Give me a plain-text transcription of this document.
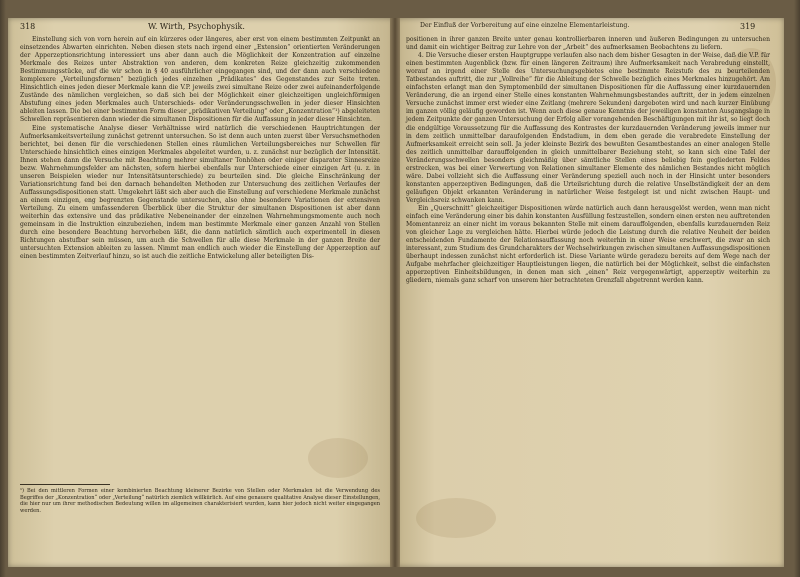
318	W. Wirth, Psychophysik.

Einstellung sich von vorn herein auf ein kürzeres oder längeres, aber erst von einem bestimmten Zeitpunkt an einsetzendes Abwarten einrichten. Neben diesen stets nach irgend einer „Extension“ orientierten Veränderungen der Apperzeptionsrichtung interessiert uns aber dann auch die Möglichkeit der Konzentration auf einzelne Merkmale des Reizes unter Abstraktion von anderen, dem konkreten Reize gleichzeitig zukommenden Bestimmungsstücke, auf die wir schon in § 40 ausführlicher eingegangen sind, und der dann auch verschiedene komplexere „Verteilungsformen“ bezüglich jedes einzelnen „Prädikates“ des Gegenstandes zur Seite treten. Hinsichtlich eines jeden dieser Merkmale kann die V.P. jeweils zwei simultane Reize oder zwei aufeinanderfolgende Zustände des nämlichen vergleichen, so daß sich bei der Möglichkeit einer gleichzeitigen ungleichförmigen Abstufung eines jeden Merkmales auch Unterschieds- oder Veränderungsschwellen in jeder dieser Hinsichten ableiten lassen. Die bei einer bestimmten Form dieser „prädikativen Verteilung“ oder „Konzentration“¹) abgeleiteten Schwellen repräsentieren dann wieder die simultanen Dispositionen für die Auffassung in jeder dieser Hinsichten.

Eine systematische Analyse dieser Verhältnisse wird natürlich die verschiedenen Hauptrichtungen der Aufmerksamkeitsverteilung zunächst getrennt untersuchen. So ist denn auch unten zuerst über Versuchsmethoden berichtet, bei denen für die verschiedenen Stellen eines räumlichen Verteilungsbereiches nur Schwellen für Unterschiede hinsichtlich eines einzigen Merkmales abgeleitet wurden, u. z. zunächst nur bezüglich der Intensität. Ihnen stehen dann die Versuche mit Beachtung mehrer simultaner Tonhöhen oder einiger disparater Sinnesreize bezw. Wahrnehmungsfelder am nächsten, sofern hierbei ebenfalls nur Unterschiede einer einzigen Art (u. z. in unseren Beispielen wieder nur Intensitätsunterschiede) zu beurteilen sind. Die gleiche Einschränkung der Variationsrichtung fand bei den darnach behandelten Methoden zur Untersuchung des zeitlichen Verlaufes der Auffassungsdispositionen statt. Umgekehrt läßt sich aber auch die Einstellung auf verschiedene Merkmale zunächst an einem einzigen, eng begrenzten Gegenstande untersuchen, also ohne besondere Variationen der extensiven Verteilung. Zu einem umfassenderen Überblick über die Struktur der simultanen Dispositionen ist aber dann weiterhin das extensive und das prädikative Nebeneinander der einzelnen Wahrnehmungsmomente auch noch gemeinsam in die Instruktion einzubeziehen, indem man bestimmte Merkmale einer ganzen Anzahl von Stellen durch eine besondere Beachtung hervorheben läßt, die dann natürlich sämtlich auch experimentell in diesen Richtungen abstufbar sein müssen, um auch die Schwellen für alle diese Merkmale in der ganzen Breite der untersuchten Extension ableiten zu lassen. Nimmt man endlich auch wieder die Einstellung der Apperzeption auf einen bestimmten Zeitverlauf hinzu, so ist auch die zeitliche Entwickelung aller beteiligten Dis-

¹) Bei den mittleren Formen einer kombinierten Beachtung kleinerer Bezirke von Stellen oder Merkmalen ist die Verwendung des Begriffes der „Konzentration“ oder „Verteilung“ natürlich ziemlich willkürlich. Auf eine genauere qualitative Analyse dieser Einstellungen, die hier nur um ihrer methodischen Bedeutung willen im allgemeinen charakterisiert wurden, kann hier jedoch nicht weiter eingegangen werden.
Der Einfluß der Vorbereitung auf eine einzelne Elementarleistung.	319

positionen in ihrer ganzen Breite unter genau kontrollierbaren inneren und äußeren Bedingungen zu untersuchen und damit ein wichtiger Beitrag zur Lehre von der „Arbeit“ des aufmerksamen Beobachtens zu liefern.

4. Die Versuche dieser ersten Hauptgruppe verlaufen also nach dem bisher Gesagten in der Weise, daß die V.P. für einen bestimmten Augenblick (bzw. für einen längeren Zeitraum) ihre Aufmerksamkeit nach Verabredung einstellt, worauf an irgend einer Stelle des Untersuchungsgebietes eine bestimmte Reizstufe des zu beurteilenden Tatbestandes auftritt, die zur „Vollreihe“ für die Ableitung der Schwelle bezüglich eines Merkmales hinzugehört. Am einfachsten erlangt man den Symptomenbild der simultanen Dispositionen für die Auffassung einer kurzdauernden Veränderung, die an irgend einer Stelle eines konstanten Wahrnehmungsbestandes auftritt, der in jedem einzelnen Versuche zunächst immer erst wieder eine Zeitlang (mehrere Sekunden) dargeboten wird und nach kurzer Einübung im ganzen völlig geläufig geworden ist. Wenn auch diese genaue Kenntnis der jeweiligen konstanten Ausgangslage in jedem Zeitpunkte der ganzen Untersuchung der Erfolg aller vorangehenden Beschäftigungen mit ihr ist, so liegt doch die endgültige Voraussetzung für die Auffassung des Kontrastes der kurzdauernden Veränderung jeweils immer nur in dem zeitlich unmittelbar daraufolgenden Endstadium, in dem eben gerade die verabredete Einstellung der Aufmerksamkeit erreicht sein soll. Ja jeder kleinste Bezirk des bewußten Gesamtbestandes an einer analogen Stelle des zeitlich unmittelbar darauffolgenden in gleich unmittelbarer Beziehung steht, so kann sich eine Tafel der Veränderungsschwellen besonders gleichmäßig über sämtliche Stellen eines beliebig fein gegliederten Feldes erstrecken, was bei einer Verwertung von Relationen simultaner Elemente des nämlichen Bestandes nicht möglich wäre. Dabei vollzieht sich die Auffassung einer Veränderung speziell auch noch in der Hinsicht unter besonders konstanten apperzeptiven Bedingungen, daß die Urteilsrichtung durch die relative Unselbständigkeit der an dem geläufigen Objekt erkannten Veränderung in natürlicher Weise festgelegt ist und nicht zwischen Haupt- und Vergleichsreiz schwanken kann.

Ein „Querschnitt“ gleichzeitiger Dispositionen würde natürlich auch dann herausgelöst werden, wenn man nicht einfach eine Veränderung einer bis dahin konstanten Ausfüllung festzustellen, sondern einen ersten neu auftretenden Momentanreiz an einer nicht im voraus bekannten Stelle mit einem darauffolgenden, ebenfalls kurzdauernden Reiz von gleicher Lage zu vergleichen hätte. Hierbei würde jedoch die Leistung durch die relative Neuheit der beiden entscheidenden Fundamente der Relationsauffassung noch weiterhin in einer Weise erschwert, die zwar an sich interessant, zum Studium des Grundcharakters der Wechselwirkungen zwischen simultanen Auffassungsdispositionen überhaupt indessen zunächst nicht erforderlich ist. Diese Variante würde geradezu bereits auf dem Wege nach der Aufgabe mehrfacher gleichzeitiger Hauptleistungen liegen, die natürlich bei der Möglichkeit, selbst die einfachsten apperzeptiven Einheitsbildungen, in denen man sich „einen“ Reiz vergegenwärtigt, apperzeptiv weiterhin zu gliedern, niemals ganz scharf von unserem hier betrachteten Grenzfall abgetrennt werden kann.
